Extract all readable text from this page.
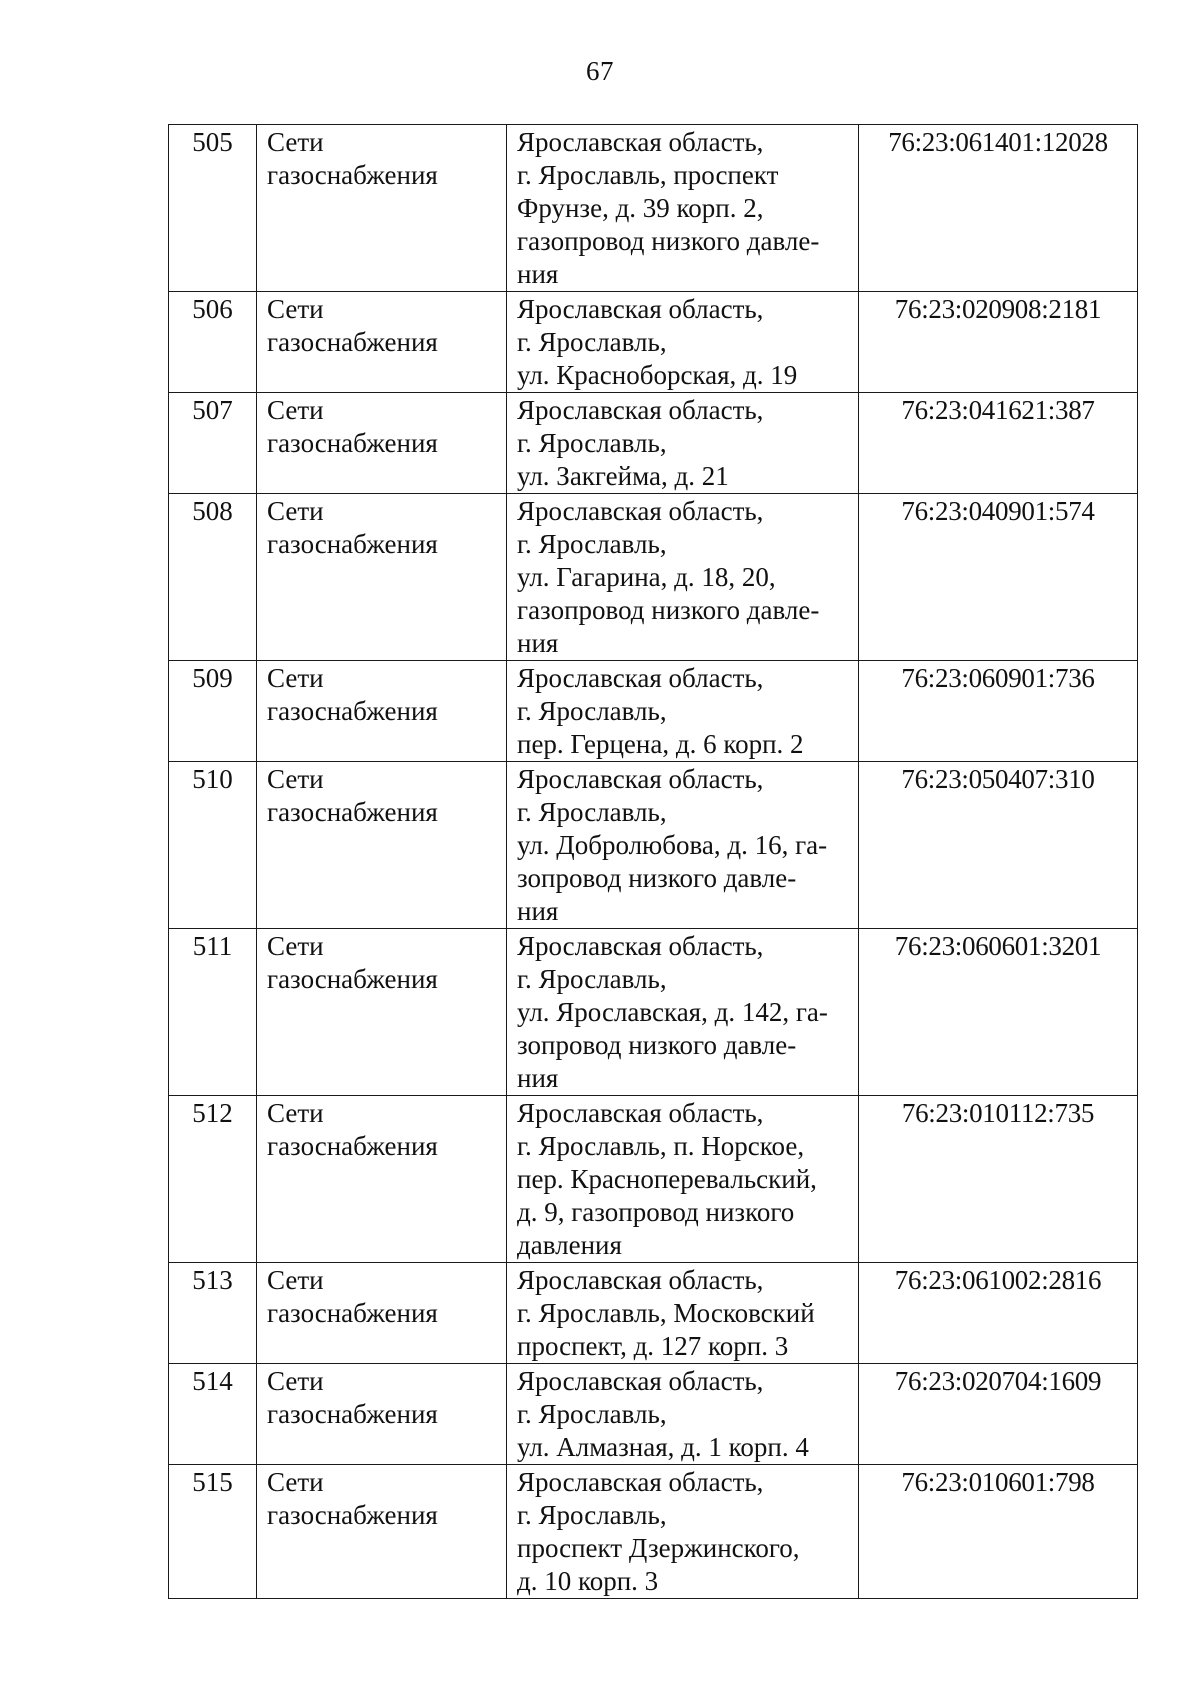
67
505	Сети
газоснабжения	Ярославская область,
г. Ярославль, проспект
Фрунзе, д. 39 корп. 2,
газопровод низкого давле-
ния	76:23:061401:12028
506	Сети
газоснабжения	Ярославская область,
г. Ярославль,
ул. Красноборская, д. 19	76:23:020908:2181
507	Сети
газоснабжения	Ярославская область,
г. Ярославль,
ул. Закгейма, д. 21	76:23:041621:387
508	Сети
газоснабжения	Ярославская область,
г. Ярославль,
ул. Гагарина, д. 18, 20,
газопровод низкого давле-
ния	76:23:040901:574
509	Сети
газоснабжения	Ярославская область,
г. Ярославль,
пер. Герцена, д. 6 корп. 2	76:23:060901:736
510	Сети
газоснабжения	Ярославская область,
г. Ярославль,
ул. Добролюбова, д. 16, га-
зопровод низкого давле-
ния	76:23:050407:310
511	Сети
газоснабжения	Ярославская область,
г. Ярославль,
ул. Ярославская, д. 142, га-
зопровод низкого давле-
ния	76:23:060601:3201
512	Сети
газоснабжения	Ярославская область,
г. Ярославль, п. Норское,
пер. Красноперевальский,
д. 9, газопровод низкого
давления	76:23:010112:735
513	Сети
газоснабжения	Ярославская область,
г. Ярославль, Московский
проспект, д. 127 корп. 3	76:23:061002:2816
514	Сети
газоснабжения	Ярославская область,
г. Ярославль,
ул. Алмазная, д. 1 корп. 4	76:23:020704:1609
515	Сети
газоснабжения	Ярославская область,
г. Ярославль,
проспект Дзержинского,
д. 10 корп. 3	76:23:010601:798
